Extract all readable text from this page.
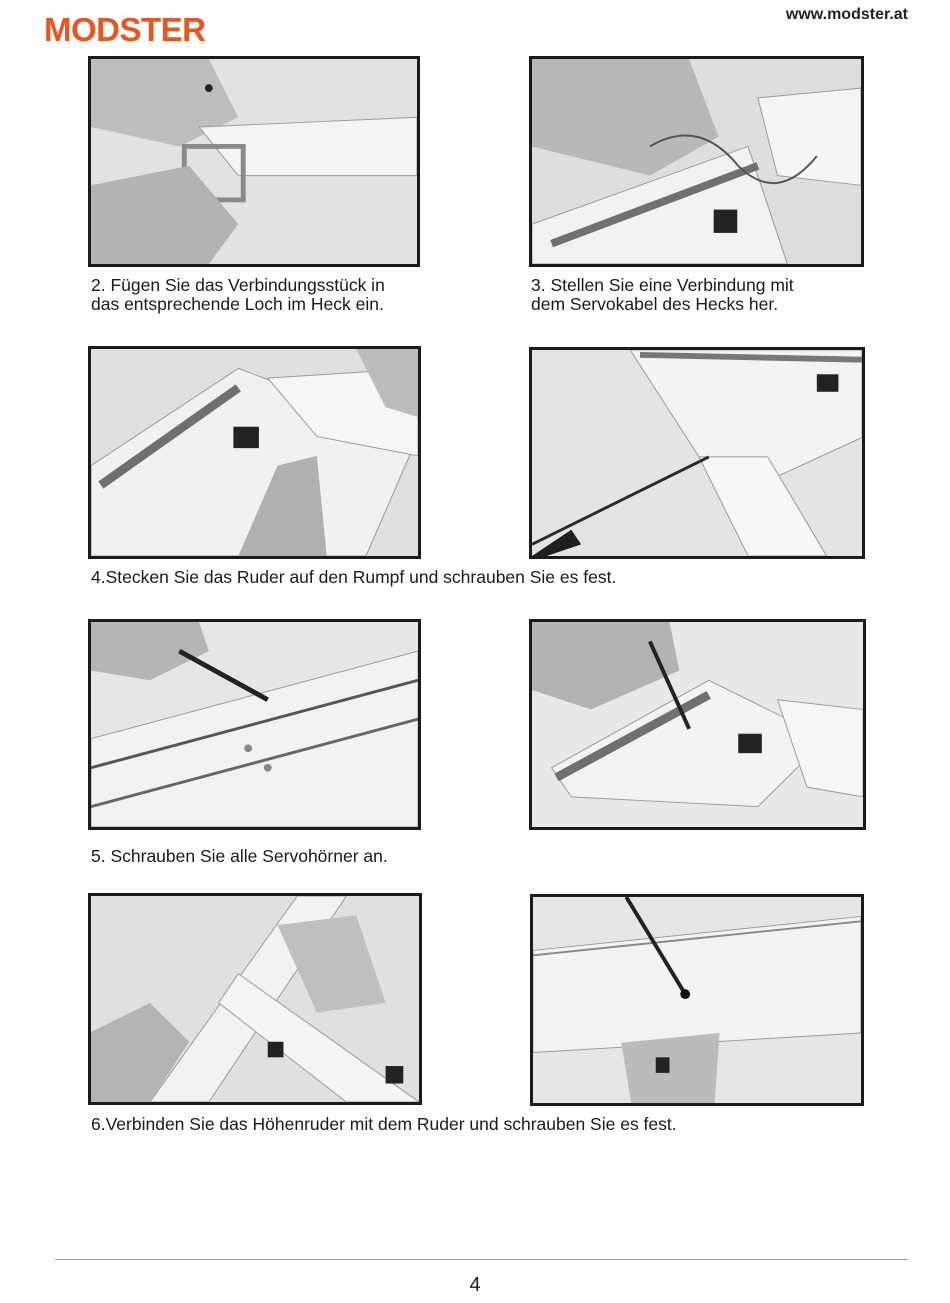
MODSTER	www.modster.at
2. Fügen Sie das Verbindungsstück in
das entsprechende Loch im Heck ein.
3. Stellen Sie eine Verbindung mit
dem Servokabel des Hecks her.
4.Stecken Sie das Ruder auf den Rumpf und schrauben Sie es fest.
5. Schrauben Sie alle Servohörner an.
6.Verbinden Sie das Höhenruder mit dem Ruder und schrauben Sie es fest.
4
